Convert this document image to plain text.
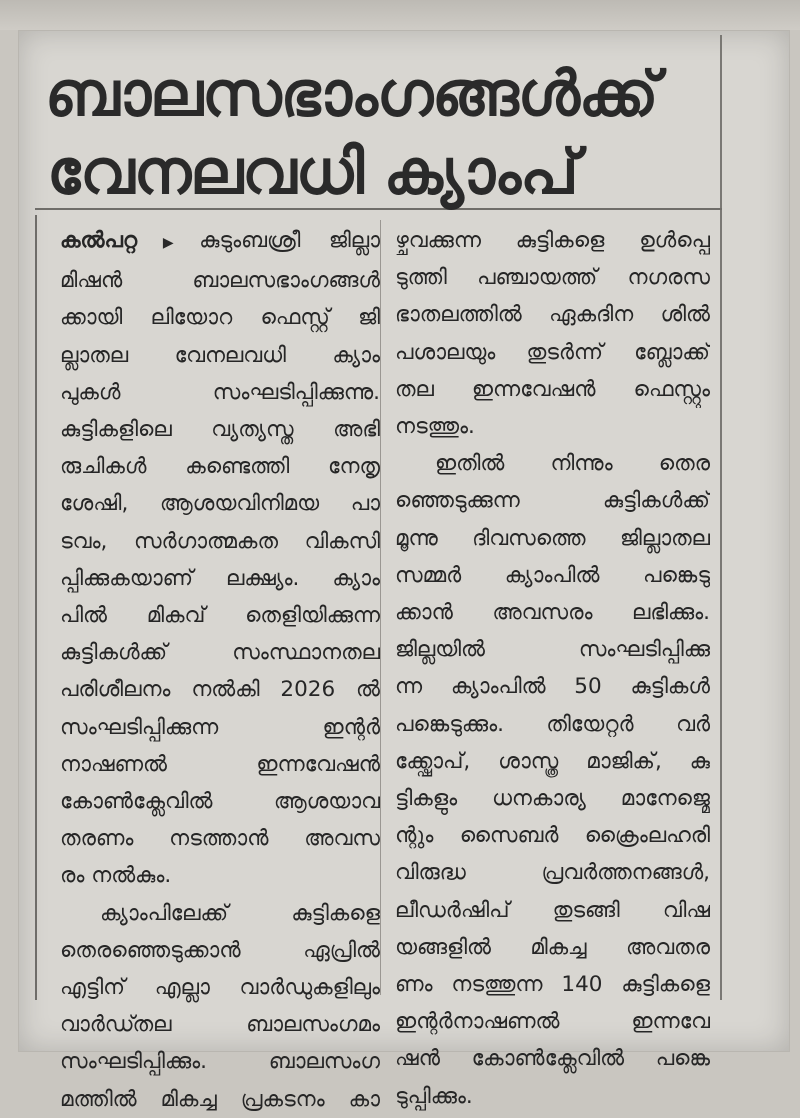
ബാലസഭാംഗങ്ങൾക്ക്
വേനലവധി ക്യാംപ്
കൽപറ്റ ▶ കുടുംബശ്രീ ജില്ലാ
മിഷൻ ബാലസഭാംഗങ്ങൾ
ക്കായി ലിയോറ ഫെസ്റ്റ് ജി
ല്ലാതല വേനലവധി ക്യാം
പുകൾ സംഘടിപ്പിക്കുന്നു.
കുട്ടികളിലെ വ്യത്യസ്ത അഭി
രുചികൾ കണ്ടെത്തി നേതൃ
ശേഷി, ആശയവിനിമയ പാ
ടവം, സർഗാത്മകത വികസി
പ്പിക്കുകയാണ് ലക്ഷ്യം. ക്യാം
പിൽ മികവ് തെളിയിക്കുന്ന
കുട്ടികൾക്ക് സംസ്ഥാനതല
പരിശീലനം നൽകി 2026 ൽ
സംഘടിപ്പിക്കുന്ന ഇന്റർ
നാഷണൽ ഇന്നവേഷൻ
കോൺക്ലേവിൽ ആശയാവ
തരണം നടത്താൻ അവസ
രം നൽകും.
ക്യാംപിലേക്ക് കുട്ടികളെ
തെരഞ്ഞെടുക്കാൻ ഏപ്രിൽ
എട്ടിന് എല്ലാ വാർഡുകളിലും
വാർഡ്തല ബാലസംഗമം
സംഘടിപ്പിക്കും. ബാലസംഗ
മത്തിൽ മികച്ച പ്രകടനം കാ
ഴ്ചവക്കുന്ന കുട്ടികളെ ഉൾപ്പെ
ടുത്തി പഞ്ചായത്ത് നഗരസ
ഭാതലത്തിൽ ഏകദിന ശിൽ
പശാലയും തുടർന്ന് ബ്ലോക്ക്
തല ഇന്നവേഷൻ ഫെസ്റ്റും
നടത്തും.
ഇതിൽ നിന്നും തെര
ഞ്ഞെടുക്കുന്ന കുട്ടികൾക്ക്
മൂന്നു ദിവസത്തെ ജില്ലാതല
സമ്മർ ക്യാംപിൽ പങ്കെടു
ക്കാൻ അവസരം ലഭിക്കും.
ജില്ലയിൽ സംഘടിപ്പിക്കു
ന്ന ക്യാംപിൽ 50 കുട്ടികൾ
പങ്കെടുക്കും. തിയേറ്റർ വർ
ക്ക്ഷോപ്, ശാസ്ത്ര മാജിക്, കു
ട്ടികളും ധനകാര്യ മാനേജ്മെ
ന്റും സൈബർ ക്രൈംലഹരി
വിരുദ്ധ പ്രവർത്തനങ്ങൾ,
ലീഡർഷിപ് തുടങ്ങി വിഷ
യങ്ങളിൽ മികച്ച അവതര
ണം നടത്തുന്ന 140 കുട്ടികളെ
ഇന്റർനാഷണൽ ഇന്നവേ
ഷൻ കോൺക്ലേവിൽ പങ്കെ
ടുപ്പിക്കും.
